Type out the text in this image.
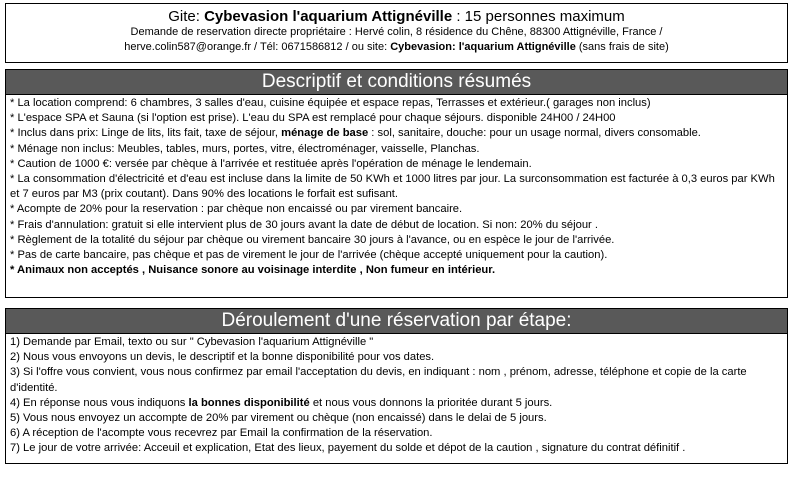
Gite: Cybevasion l'aquarium Attignéville : 15 personnes maximum
Demande de reservation directe propriétaire : Hervé colin, 8 résidence du Chêne, 88300 Attignéville, France /
herve.colin587@orange.fr / Tél: 0671586812 / ou site: Cybevasion: l'aquarium Attignéville (sans frais de site)
Descriptif et conditions résumés

* La location comprend: 6 chambres, 3 salles d'eau, cuisine équipée et espace repas, Terrasses et extérieur.( garages non inclus)

* L'espace SPA et Sauna (si l'option est prise). L'eau du SPA est remplacé pour chaque séjours. disponible 24H00 / 24H00

* Inclus dans prix: Linge de lits, lits fait, taxe de séjour, ménage de base : sol, sanitaire, douche: pour un usage normal, divers consomable.

* Ménage non inclus: Meubles, tables, murs, portes, vitre, électroménager, vaisselle, Planchas.

* Caution de 1000 €: versée par chèque à l'arrivée et restituée après l'opération de ménage le lendemain.

* La consommation d'électricité et d'eau est incluse dans la limite de 50 KWh et 1000 litres par jour. La surconsommation est facturée à 0,3 euros par KWh et 7 euros par M3 (prix coutant). Dans 90% des locations le forfait est sufisant.

* Acompte de 20% pour la reservation : par chèque non encaissé ou par virement bancaire.

* Frais d'annulation: gratuit si elle intervient plus de 30 jours avant la date de début de location. Si non: 20% du séjour .

* Règlement de la totalité du séjour par chèque ou virement bancaire 30 jours à l'avance, ou en espèce le jour de l'arrivée.

* Pas de carte bancaire, pas chèque et pas de virement le jour de l'arrivée (chèque accepté uniquement pour la caution).

* Animaux non acceptés , Nuisance sonore au voisinage interdite , Non fumeur en intérieur.

Déroulement d'une réservation par étape:

1) Demande par Email, texto ou sur " Cybevasion l'aquarium Attignéville "

2) Nous vous envoyons un devis, le descriptif et la bonne disponibilité pour vos dates.

3) Si l'offre vous convient, vous nous confirmez par email l'acceptation du devis, en indiquant : nom , prénom, adresse, téléphone et copie de la carte d'identité.

4) En réponse nous vous indiquons la bonnes disponibilité et nous vous donnons la prioritée durant 5 jours.

5) Vous nous envoyez un accompte de 20% par virement ou chèque (non encaissé) dans le delai de 5 jours.

6) A réception de l'acompte vous recevrez par Email la confirmation de la réservation.

7) Le jour de votre arrivée: Acceuil et explication, Etat des lieux, payement du solde et dépot de la caution , signature du contrat définitif .
